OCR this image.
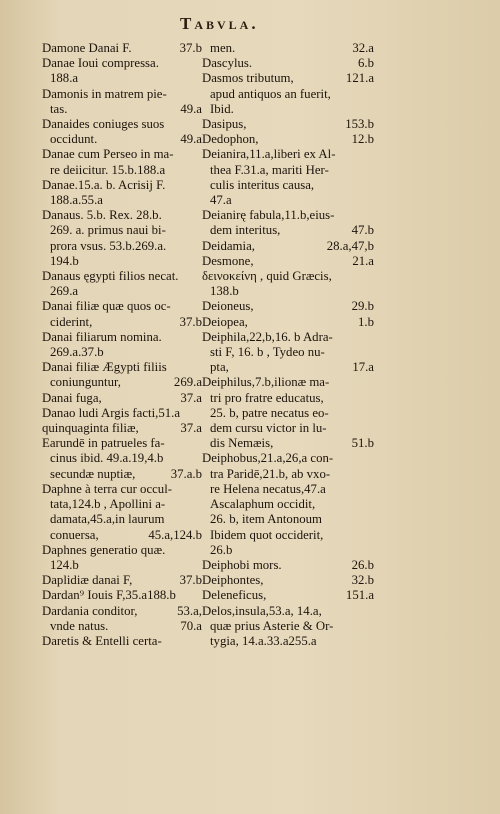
Tabvla.
37.b
Damone Danai F.
Danae Ioui compressa.
188.a
Damonis in matrem pie-
49.a
tas.
Danaides coniuges suos
49.a
occidunt.
Danae cum Perseo in ma-
re deiicitur. 15.b.188.a
Danae.15.a. b. Acrisij F.
188.a.55.a
Danaus. 5.b. Rex. 28.b.
269. a. primus naui bi-
prora vsus. 53.b.269.a.
194.b
Danaus ęgypti filios necat.
269.a
Danai filiæ quæ quos oc-
37.b
ciderint,
Danai filiarum nomina.
269.a.37.b
Danai filiæ Ægypti filiis
269.a
coniunguntur,
37.a
Danai fuga,
Danao ludi Argis facti,51.a
37.a
quinquaginta filiæ,
Earundē in patrueles fa-
cinus ibid. 49.a.19,4.b
37.a.b
secundæ nuptiæ,
Daphne à terra cur occul-
tata,124.b , Apollini a-
damata,45.a,in laurum
45.a,124.b
conuersa,
Daphnes generatio quæ.
124.b
37.b
Daplidiæ danai F,
Dardan⁹ Iouis F,35.a188.b
53.a,
Dardania conditor,
70.a
vnde natus.
Daretis & Entelli certa-
32.a
men.
6.b
Dascylus.
121.a
Dasmos tributum,
apud antiquos an fuerit,
Ibid.
153.b
Dasipus,
12.b
Dedophon,
Deianira,11.a,liberi ex Al-
thea F.31.a, mariti Her-
culis interitus causa,
47.a
Deianirę fabula,11.b,eius-
47.b
dem interitus,
28.a,47,b
Deidamia,
21.a
Desmone,
δεινοκείνη , quid Græcis,
138.b
29.b
Deioneus,
1.b
Deiopea,
Deiphila,22,b,16. b Adra-
sti F, 16. b , Tydeo nu-
17.a
pta,
Deiphilus,7.b,ilionæ ma-
tri pro fratre educatus,
25. b, patre necatus eo-
dem cursu victor in lu-
51.b
dis Nemæis,
Deiphobus,21.a,26,a con-
tra Paridē,21.b, ab vxo-
re Helena necatus,47.a
Ascalaphum occidit,
26. b, item Antonoum
Ibidem quot occiderit,
26.b
26.b
Deiphobi mors.
32.b
Deiphontes,
151.a
Deleneficus,
Delos,insula,53.a, 14.a,
quæ prius Asterie & Or-
tygia, 14.a.33.a255.a
